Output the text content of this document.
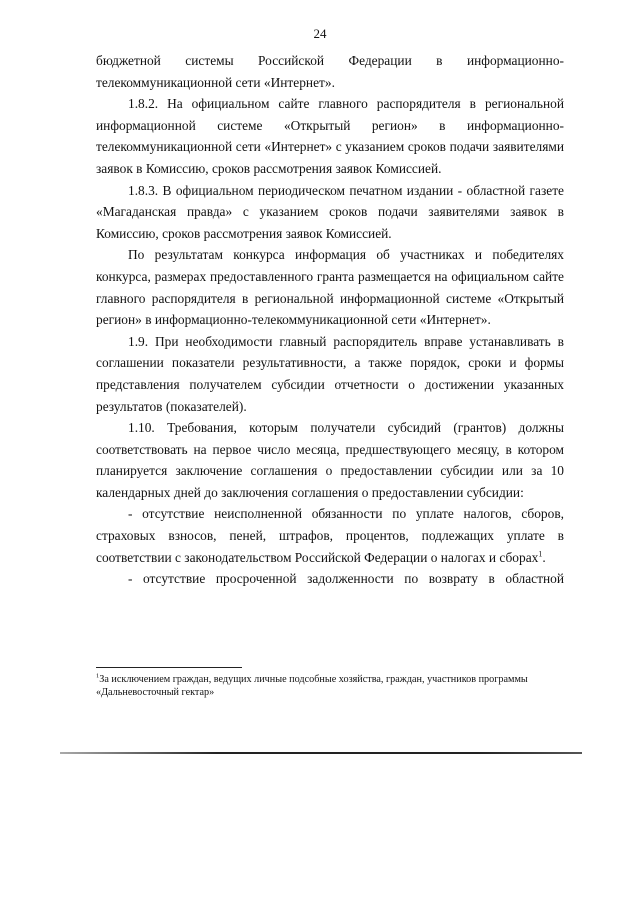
24

бюджетной системы Российской Федерации в информационно-телекоммуникационной сети «Интернет».

1.8.2. На официальном сайте главного распорядителя в региональной информационной системе «Открытый регион» в информационно-телекоммуникационной сети «Интернет» с указанием сроков подачи заявителями заявок в Комиссию, сроков рассмотрения заявок Комиссией.

1.8.3. В официальном периодическом печатном издании - областной газете «Магаданская правда» с указанием сроков подачи заявителями заявок в Комиссию, сроков рассмотрения заявок Комиссией.

По результатам конкурса информация об участниках и победителях конкурса, размерах предоставленного гранта размещается на официальном сайте главного распорядителя в региональной информационной системе «Открытый регион» в информационно-телекоммуникационной сети «Интернет».

1.9. При необходимости главный распорядитель вправе устанавливать в соглашении показатели результативности, а также порядок, сроки и формы представления получателем субсидии отчетности о достижении указанных результатов (показателей).

1.10. Требования, которым получатели субсидий (грантов) должны соответствовать на первое число месяца, предшествующего месяцу, в котором планируется заключение соглашения о предоставлении субсидии или за 10 календарных дней до заключения соглашения о предоставлении субсидии:

- отсутствие неисполненной обязанности по уплате налогов, сборов, страховых взносов, пеней, штрафов, процентов, подлежащих уплате в соответствии с законодательством Российской Федерации о налогах и сборах$^1$.

- отсутствие просроченной задолженности по возврату в областной

$^1$За исключением граждан, ведущих личные подсобные хозяйства, граждан, участников программы «Дальневосточный гектар»
